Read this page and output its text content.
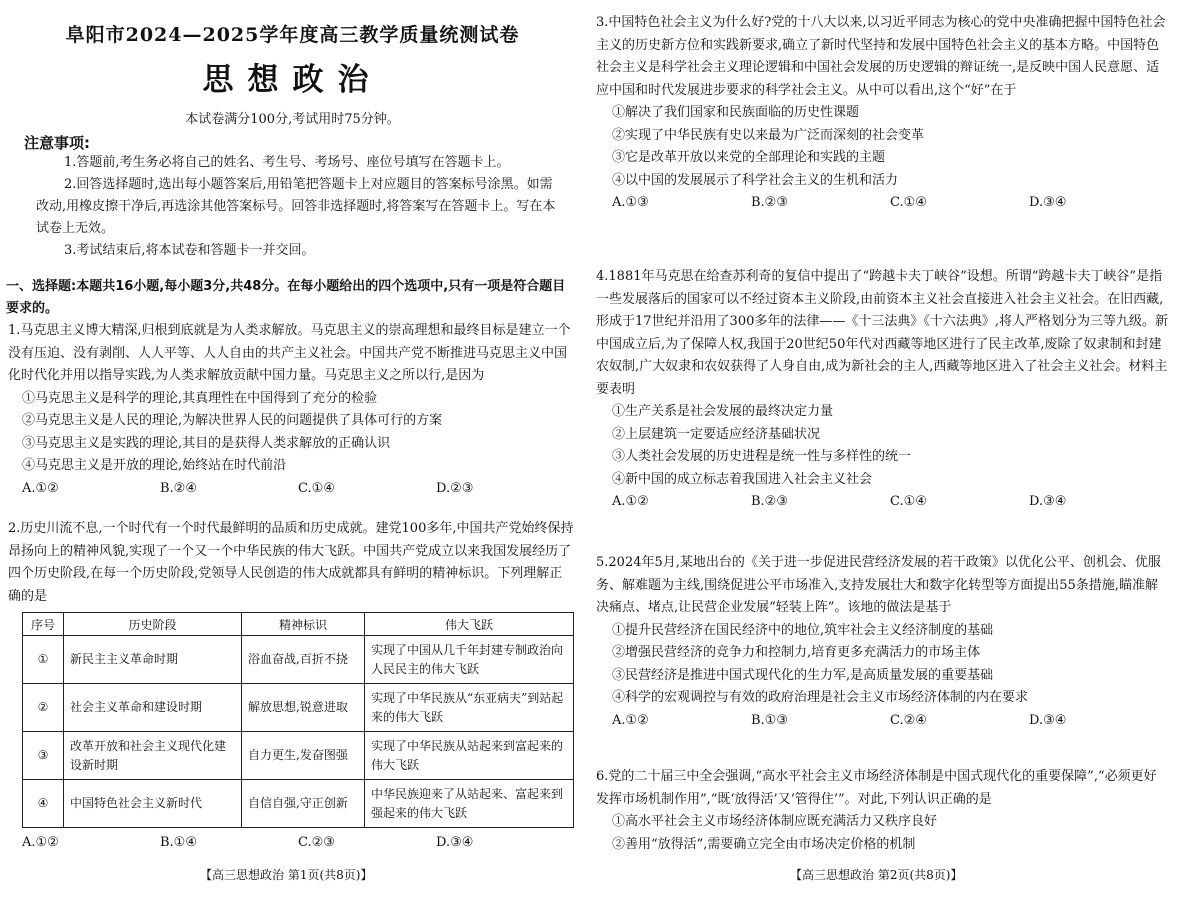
阜阳市2024—2025学年度高三教学质量统测试卷
思想政治
本试卷满分100分,考试用时75分钟。
注意事项:

1.答题前,考生务必将自己的姓名、考生号、考场号、座位号填写在答题卡上。

2.回答选择题时,选出每小题答案后,用铅笔把答题卡上对应题目的答案标号涂黑。如需改动,用橡皮擦干净后,再选涂其他答案标号。回答非选择题时,将答案写在答题卡上。写在本试卷上无效。

3.考试结束后,将本试卷和答题卡一并交回。

一、选择题:本题共16小题,每小题3分,共48分。在每小题给出的四个选项中,只有一项是符合题目要求的。

1.马克思主义博大精深,归根到底就是为人类求解放。马克思主义的崇高理想和最终目标是建立一个没有压迫、没有剥削、人人平等、人人自由的共产主义社会。中国共产党不断推进马克思主义中国化时代化并用以指导实践,为人类求解放贡献中国力量。马克思主义之所以行,是因为

①马克思主义是科学的理论,其真理性在中国得到了充分的检验

②马克思主义是人民的理论,为解决世界人民的问题提供了具体可行的方案

③马克思主义是实践的理论,其目的是获得人类求解放的正确认识

④马克思主义是开放的理论,始终站在时代前沿

A.①②	B.②④	C.①④	D.②③

2.历史川流不息,一个时代有一个时代最鲜明的品质和历史成就。建党100多年,中国共产党始终保持昂扬向上的精神风貌,实现了一个又一个中华民族的伟大飞跃。中国共产党成立以来我国发展经历了四个历史阶段,在每一个历史阶段,党领导人民创造的伟大成就都具有鲜明的精神标识。下列理解正确的是

序号	历史阶段	精神标识	伟大飞跃
①	新民主主义革命时期	浴血奋战,百折不挠	实现了中国从几千年封建专制政治向人民民主的伟大飞跃
②	社会主义革命和建设时期	解放思想,锐意进取	实现了中华民族从“东亚病夫”到站起来的伟大飞跃
③	改革开放和社会主义现代化建设新时期	自力更生,发奋图强	实现了中华民族从站起来到富起来的伟大飞跃
④	中国特色社会主义新时代	自信自强,守正创新	中华民族迎来了从站起来、富起来到强起来的伟大飞跃
A.①②	B.①④	C.②③	D.③④
【高三思想政治 第1页(共8页)】

3.中国特色社会主义为什么好?党的十八大以来,以习近平同志为核心的党中央准确把握中国特色社会主义的历史新方位和实践新要求,确立了新时代坚持和发展中国特色社会主义的基本方略。中国特色社会主义是科学社会主义理论逻辑和中国社会发展的历史逻辑的辩证统一,是反映中国人民意愿、适应中国和时代发展进步要求的科学社会主义。从中可以看出,这个“好”在于

①解决了我们国家和民族面临的历史性课题

②实现了中华民族有史以来最为广泛而深刻的社会变革

③它是改革开放以来党的全部理论和实践的主题

④以中国的发展展示了科学社会主义的生机和活力

A.①③	B.②③	C.①④	D.③④

4.1881年马克思在给查苏利奇的复信中提出了“跨越卡夫丁峡谷”设想。所谓“跨越卡夫丁峡谷”是指一些发展落后的国家可以不经过资本主义阶段,由前资本主义社会直接进入社会主义社会。在旧西藏,形成于17世纪并沿用了300多年的法律——《十三法典》《十六法典》,将人严格划分为三等九级。新中国成立后,为了保障人权,我国于20世纪50年代对西藏等地区进行了民主改革,废除了奴隶制和封建农奴制,广大奴隶和农奴获得了人身自由,成为新社会的主人,西藏等地区进入了社会主义社会。材料主要表明

①生产关系是社会发展的最终决定力量

②上层建筑一定要适应经济基础状况

③人类社会发展的历史进程是统一性与多样性的统一

④新中国的成立标志着我国进入社会主义社会

A.①②	B.②③	C.①④	D.③④

5.2024年5月,某地出台的《关于进一步促进民营经济发展的若干政策》以优化公平、创机会、优服务、解难题为主线,围绕促进公平市场准入,支持发展壮大和数字化转型等方面提出55条措施,瞄准解决痛点、堵点,让民营企业发展“轻装上阵”。该地的做法是基于

①提升民营经济在国民经济中的地位,筑牢社会主义经济制度的基础

②增强民营经济的竞争力和控制力,培育更多充满活力的市场主体

③民营经济是推进中国式现代化的生力军,是高质量发展的重要基础

④科学的宏观调控与有效的政府治理是社会主义市场经济体制的内在要求

A.①②	B.①③	C.②④	D.③④

6.党的二十届三中全会强调,“高水平社会主义市场经济体制是中国式现代化的重要保障”,“必须更好发挥市场机制作用”,“既‘放得活’又‘管得住’”。对此,下列认识正确的是

①高水平社会主义市场经济体制应既充满活力又秩序良好

②善用“放得活”,需要确立完全由市场决定价格的机制

【高三思想政治 第2页(共8页)】
